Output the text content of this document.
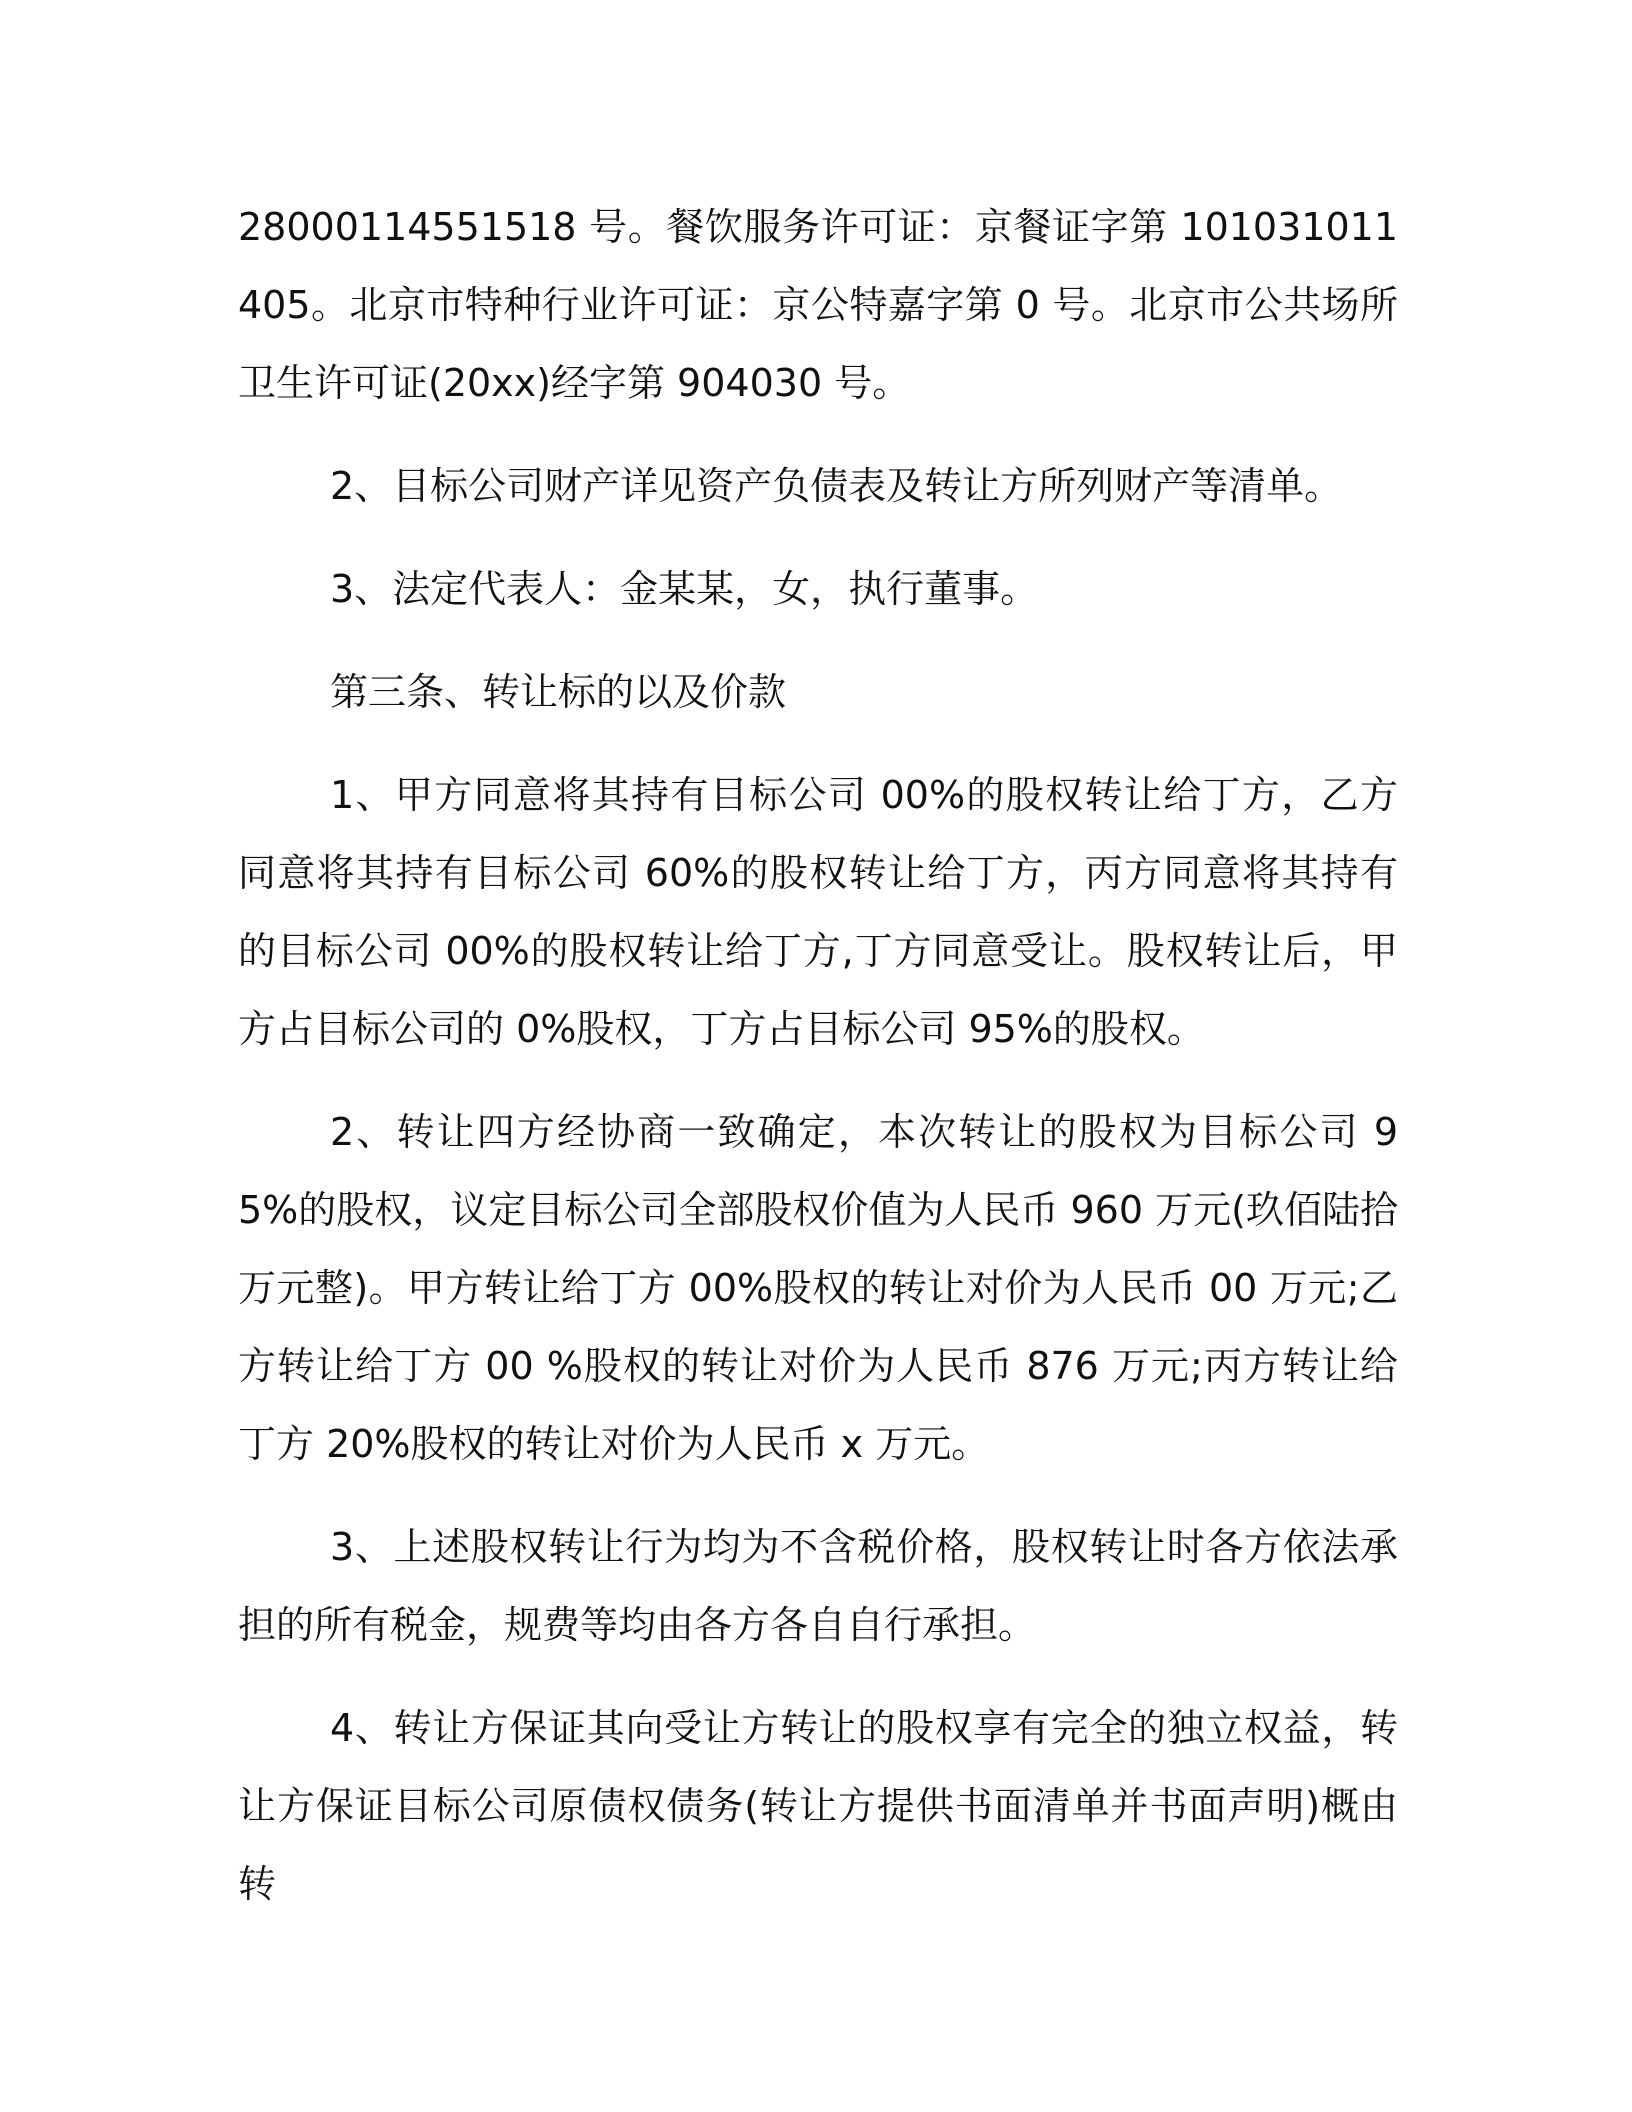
28000114551518 号。餐饮服务许可证：京餐证字第 101031011405。北京市特种行业许可证：京公特嘉字第 0 号。北京市公共场所卫生许可证(20xx)经字第 904030 号。

2、目标公司财产详见资产负债表及转让方所列财产等清单。

3、法定代表人：金某某，女，执行董事。

第三条、转让标的以及价款

1、甲方同意将其持有目标公司 00%的股权转让给丁方，乙方同意将其持有目标公司 60%的股权转让给丁方，丙方同意将其持有的目标公司 00%的股权转让给丁方,丁方同意受让。股权转让后，甲方占目标公司的 0%股权，丁方占目标公司 95%的股权。

2、转让四方经协商一致确定，本次转让的股权为目标公司 95%的股权，议定目标公司全部股权价值为人民币 960 万元(玖佰陆拾万元整)。甲方转让给丁方 00%股权的转让对价为人民币 00 万元;乙方转让给丁方 00 %股权的转让对价为人民币 876 万元;丙方转让给丁方 20%股权的转让对价为人民币 x 万元。

3、上述股权转让行为均为不含税价格，股权转让时各方依法承担的所有税金，规费等均由各方各自自行承担。

4、转让方保证其向受让方转让的股权享有完全的独立权益，转让方保证目标公司原债权债务(转让方提供书面清单并书面声明)概由转
